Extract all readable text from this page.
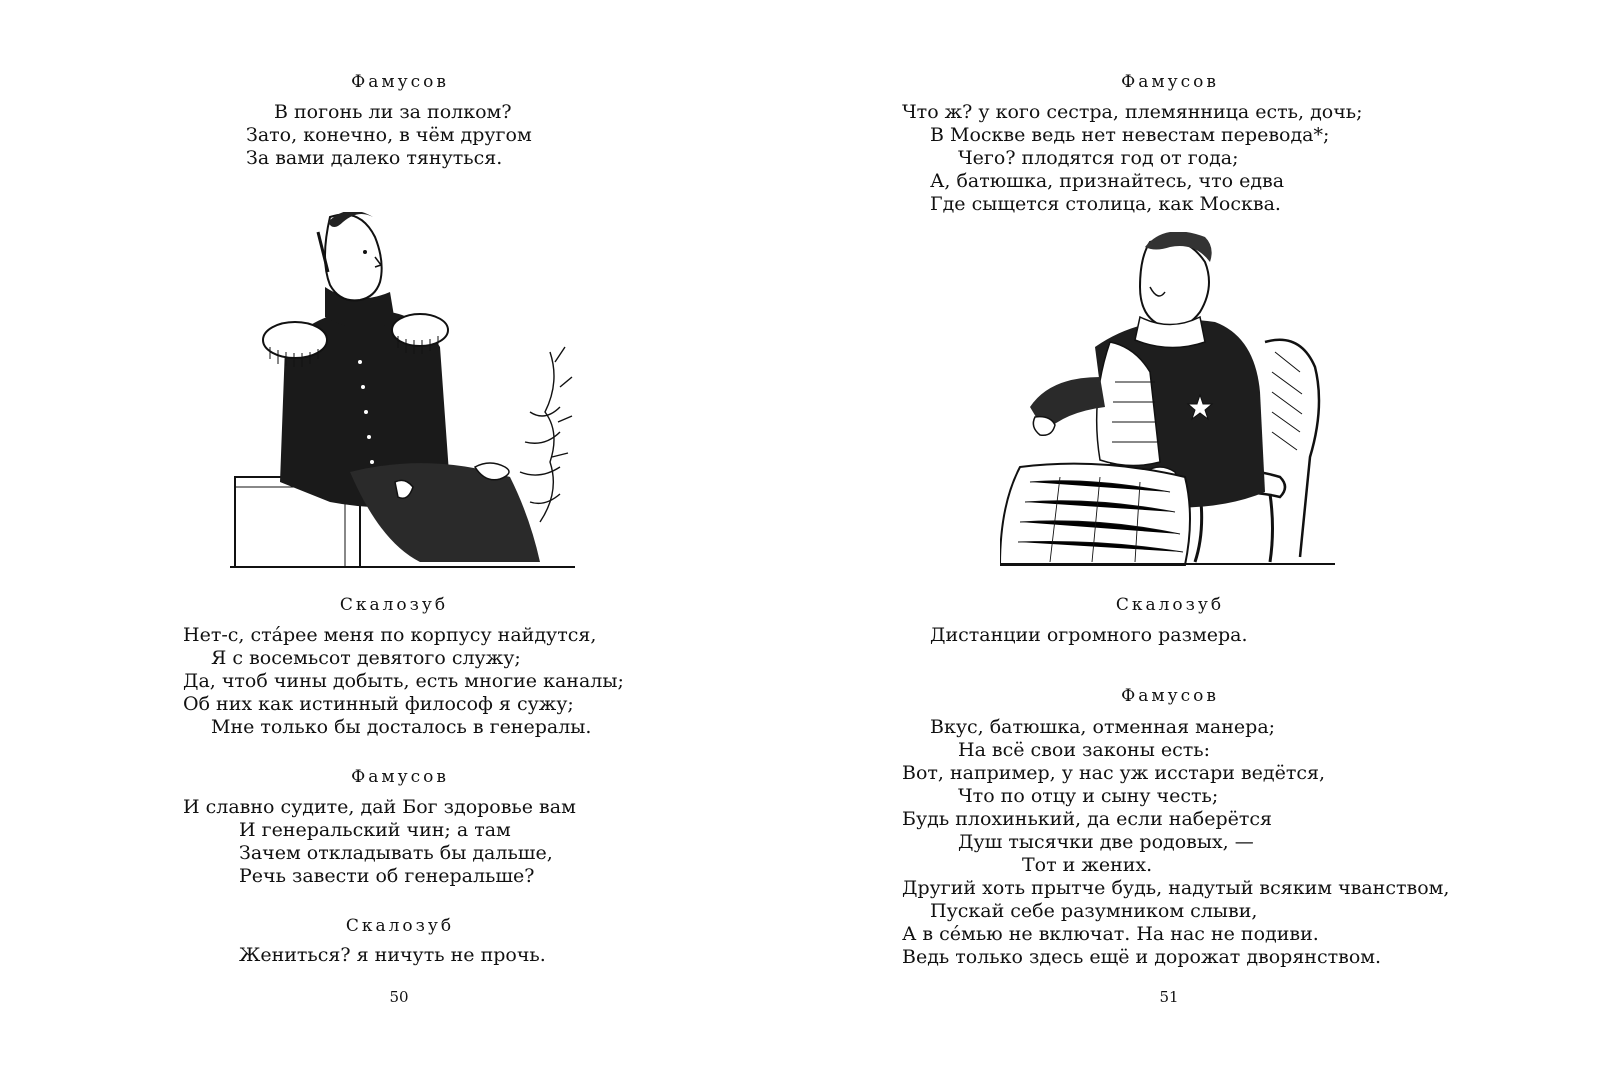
Фамусов
В погонь ли за полком?
Зато, конечно, в чём другом
За вами далеко тянуться.
Скалозуб
Нет-с, ста́рее меня по корпусу найдутся,
Я с восемьсот девятого служу;
Да, чтоб чины добыть, есть многие каналы;
Об них как истинный философ я сужу;
Мне только бы досталось в генералы.
Фамусов
И славно судите, дай Бог здоровье вам
И генеральский чин; а там
Зачем откладывать бы дальше,
Речь завести об генеральше?
Скалозуб
Жениться? я ничуть не прочь.
50
Фамусов
Что ж? у кого сестра, племянница есть, дочь;
В Москве ведь нет невестам перевода*;
Чего? плодятся год от года;
А, батюшка, признайтесь, что едва
Где сыщется столица, как Москва.
Скалозуб
Дистанции огромного размера.
Фамусов
Вкус, батюшка, отменная манера;
На всё свои законы есть:
Вот, например, у нас уж исстари ведётся,
Что по отцу и сыну честь;
Будь плохинький, да если наберётся
Душ тысячки две родовых, —
Тот и жених.
Другий хоть прытче будь, надутый всяким чванством,
Пускай себе разумником слыви,
А в се́мью не включат. На нас не подиви.
Ведь только здесь ещё и дорожат дворянством.
51
